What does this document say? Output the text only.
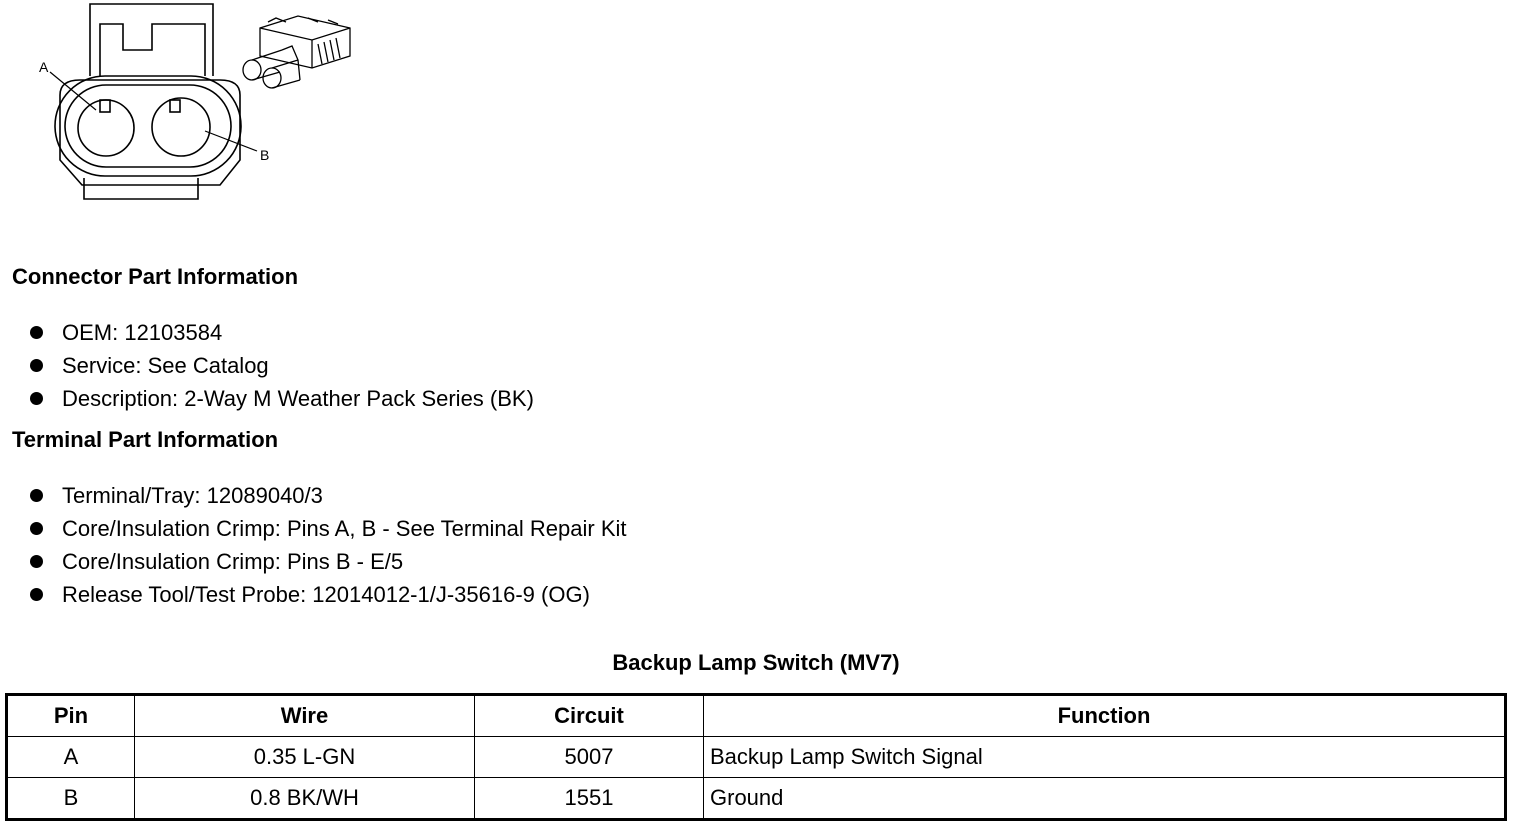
A
B
Connector Part Information
OEM: 12103584
Service: See Catalog
Description: 2-Way M Weather Pack Series (BK)
Terminal Part Information
Terminal/Tray: 12089040/3
Core/Insulation Crimp: Pins A, B - See Terminal Repair Kit
Core/Insulation Crimp: Pins B - E/5
Release Tool/Test Probe: 12014012-1/J-35616-9 (OG)
Backup Lamp Switch (MV7)
Pin	Wire	Circuit	Function
A	0.35 L-GN	5007	Backup Lamp Switch Signal
B	0.8 BK/WH	1551	Ground
